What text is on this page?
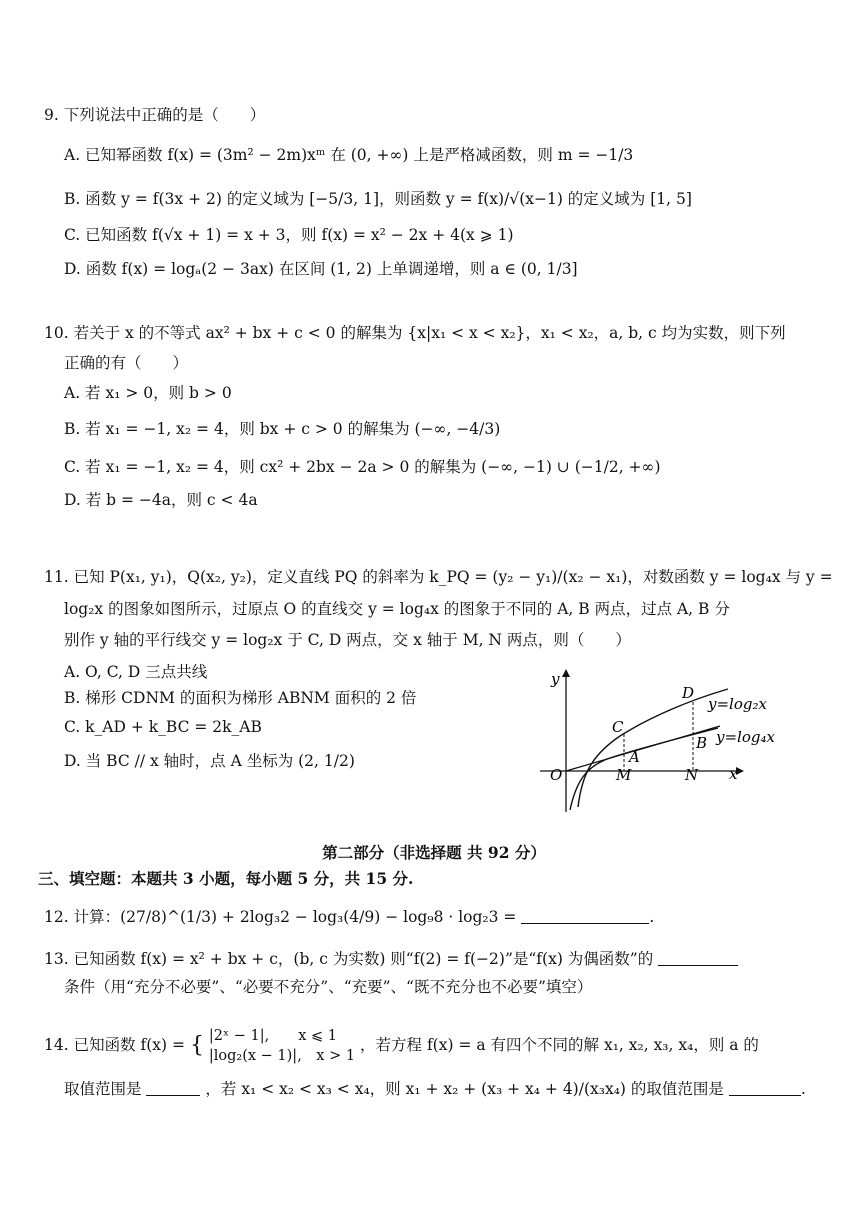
9. 下列说法中正确的是（　　）
A. 已知幂函数 f(x) = (3m² − 2m)xᵐ 在 (0, +∞) 上是严格减函数，则 m = −1/3
B. 函数 y = f(3x + 2) 的定义域为 [−5/3, 1]，则函数 y = f(x)/√(x−1) 的定义域为 [1, 5]
C. 已知函数 f(√x + 1) = x + 3，则 f(x) = x² − 2x + 4(x ⩾ 1)
D. 函数 f(x) = logₐ(2 − 3ax) 在区间 (1, 2) 上单调递增，则 a ∈ (0, 1/3]
10. 若关于 x 的不等式 ax² + bx + c < 0 的解集为 {x|x₁ < x < x₂}，x₁ < x₂，a, b, c 均为实数，则下列
正确的有（　　）
A. 若 x₁ > 0，则 b > 0
B. 若 x₁ = −1, x₂ = 4，则 bx + c > 0 的解集为 (−∞, −4/3)
C. 若 x₁ = −1, x₂ = 4，则 cx² + 2bx − 2a > 0 的解集为 (−∞, −1) ∪ (−1/2, +∞)
D. 若 b = −4a，则 c < 4a
11. 已知 P(x₁, y₁)，Q(x₂, y₂)，定义直线 PQ 的斜率为 k_PQ = (y₂ − y₁)/(x₂ − x₁)，对数函数 y = log₄x 与 y =
log₂x 的图象如图所示，过原点 O 的直线交 y = log₄x 的图象于不同的 A, B 两点，过点 A, B 分
别作 y 轴的平行线交 y = log₂x 于 C, D 两点，交 x 轴于 M, N 两点，则（　　）
A. O, C, D 三点共线
B. 梯形 CDNM 的面积为梯形 ABNM 面积的 2 倍
C. k_AD + k_BC = 2k_AB
D. 当 BC // x 轴时，点 A 坐标为 (2, 1/2)
y
x
O
C
D
A
B
M	N
y=log₂x
y=log₄x
第二部分（非选择题 共 92 分）
三、填空题：本题共 3 小题，每小题 5 分，共 15 分.
12. 计算：(27/8)^(1/3) + 2log₃2 − log₃(4/9) − log₉8 · log₂3 =	.
13. 已知函数 f(x) = x² + bx + c，(b, c 为实数) 则“f(2) = f(−2)”是“f(x) 为偶函数”的
条件（用“充分不必要”、“必要不充分”、“充要”、“既不充分也不必要”填空）
14. 已知函数 f(x) = { |2ˣ − 1|,　　x ⩽ 1
|log₂(x − 1)|,　x > 1
，若方程 f(x) = a 有四个不同的解 x₁, x₂, x₃, x₄，则 a 的
取值范围是	，若 x₁ < x₂ < x₃ < x₄，则 x₁ + x₂ + (x₃ + x₄ + 4)/(x₃x₄) 的取值范围是	.
